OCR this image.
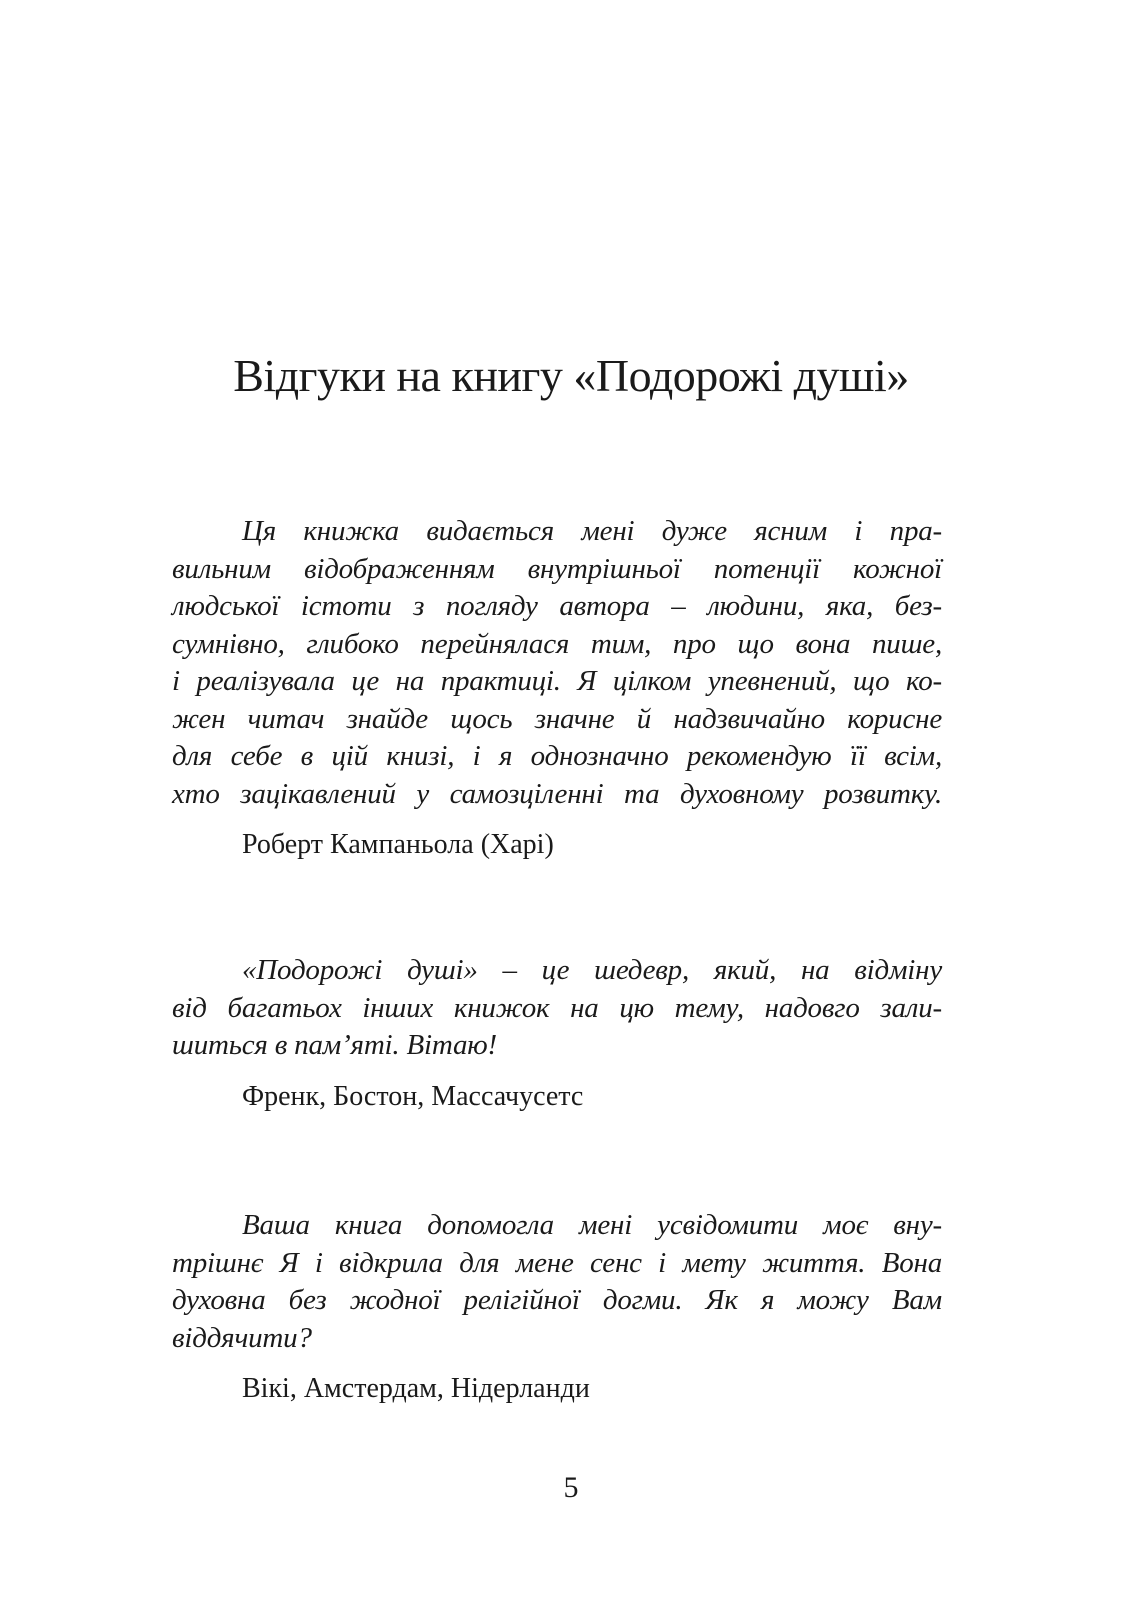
Відгуки на книгу «Подорожі душі»
Ця книжка видається мені дуже ясним і пра-
вильним відображенням внутрішньої потенції кожної
людської істоти з погляду автора – людини, яка, без-
сумнівно, глибоко перейнялася тим, про що вона пише,
і реалізувала це на практиці. Я цілком упевнений, що ко-
жен читач знайде щось значне й надзвичайно корисне
для себе в цій книзі, і я однозначно рекомендую її всім,
хто зацікавлений у самозціленні та духовному розвитку.
Роберт Кампаньола (Харі)
«Подорожі душі» – це шедевр, який, на відміну
від багатьох інших книжок на цю тему, надовго зали-
шиться в пам’яті. Вітаю!
Френк, Бостон, Массачусетс
Ваша книга допомогла мені усвідомити моє вну-
трішнє Я і відкрила для мене сенс і мету життя. Вона
духовна без жодної релігійної догми. Як я можу Вам
віддячити?
Вікі, Амстердам, Нідерланди
5
